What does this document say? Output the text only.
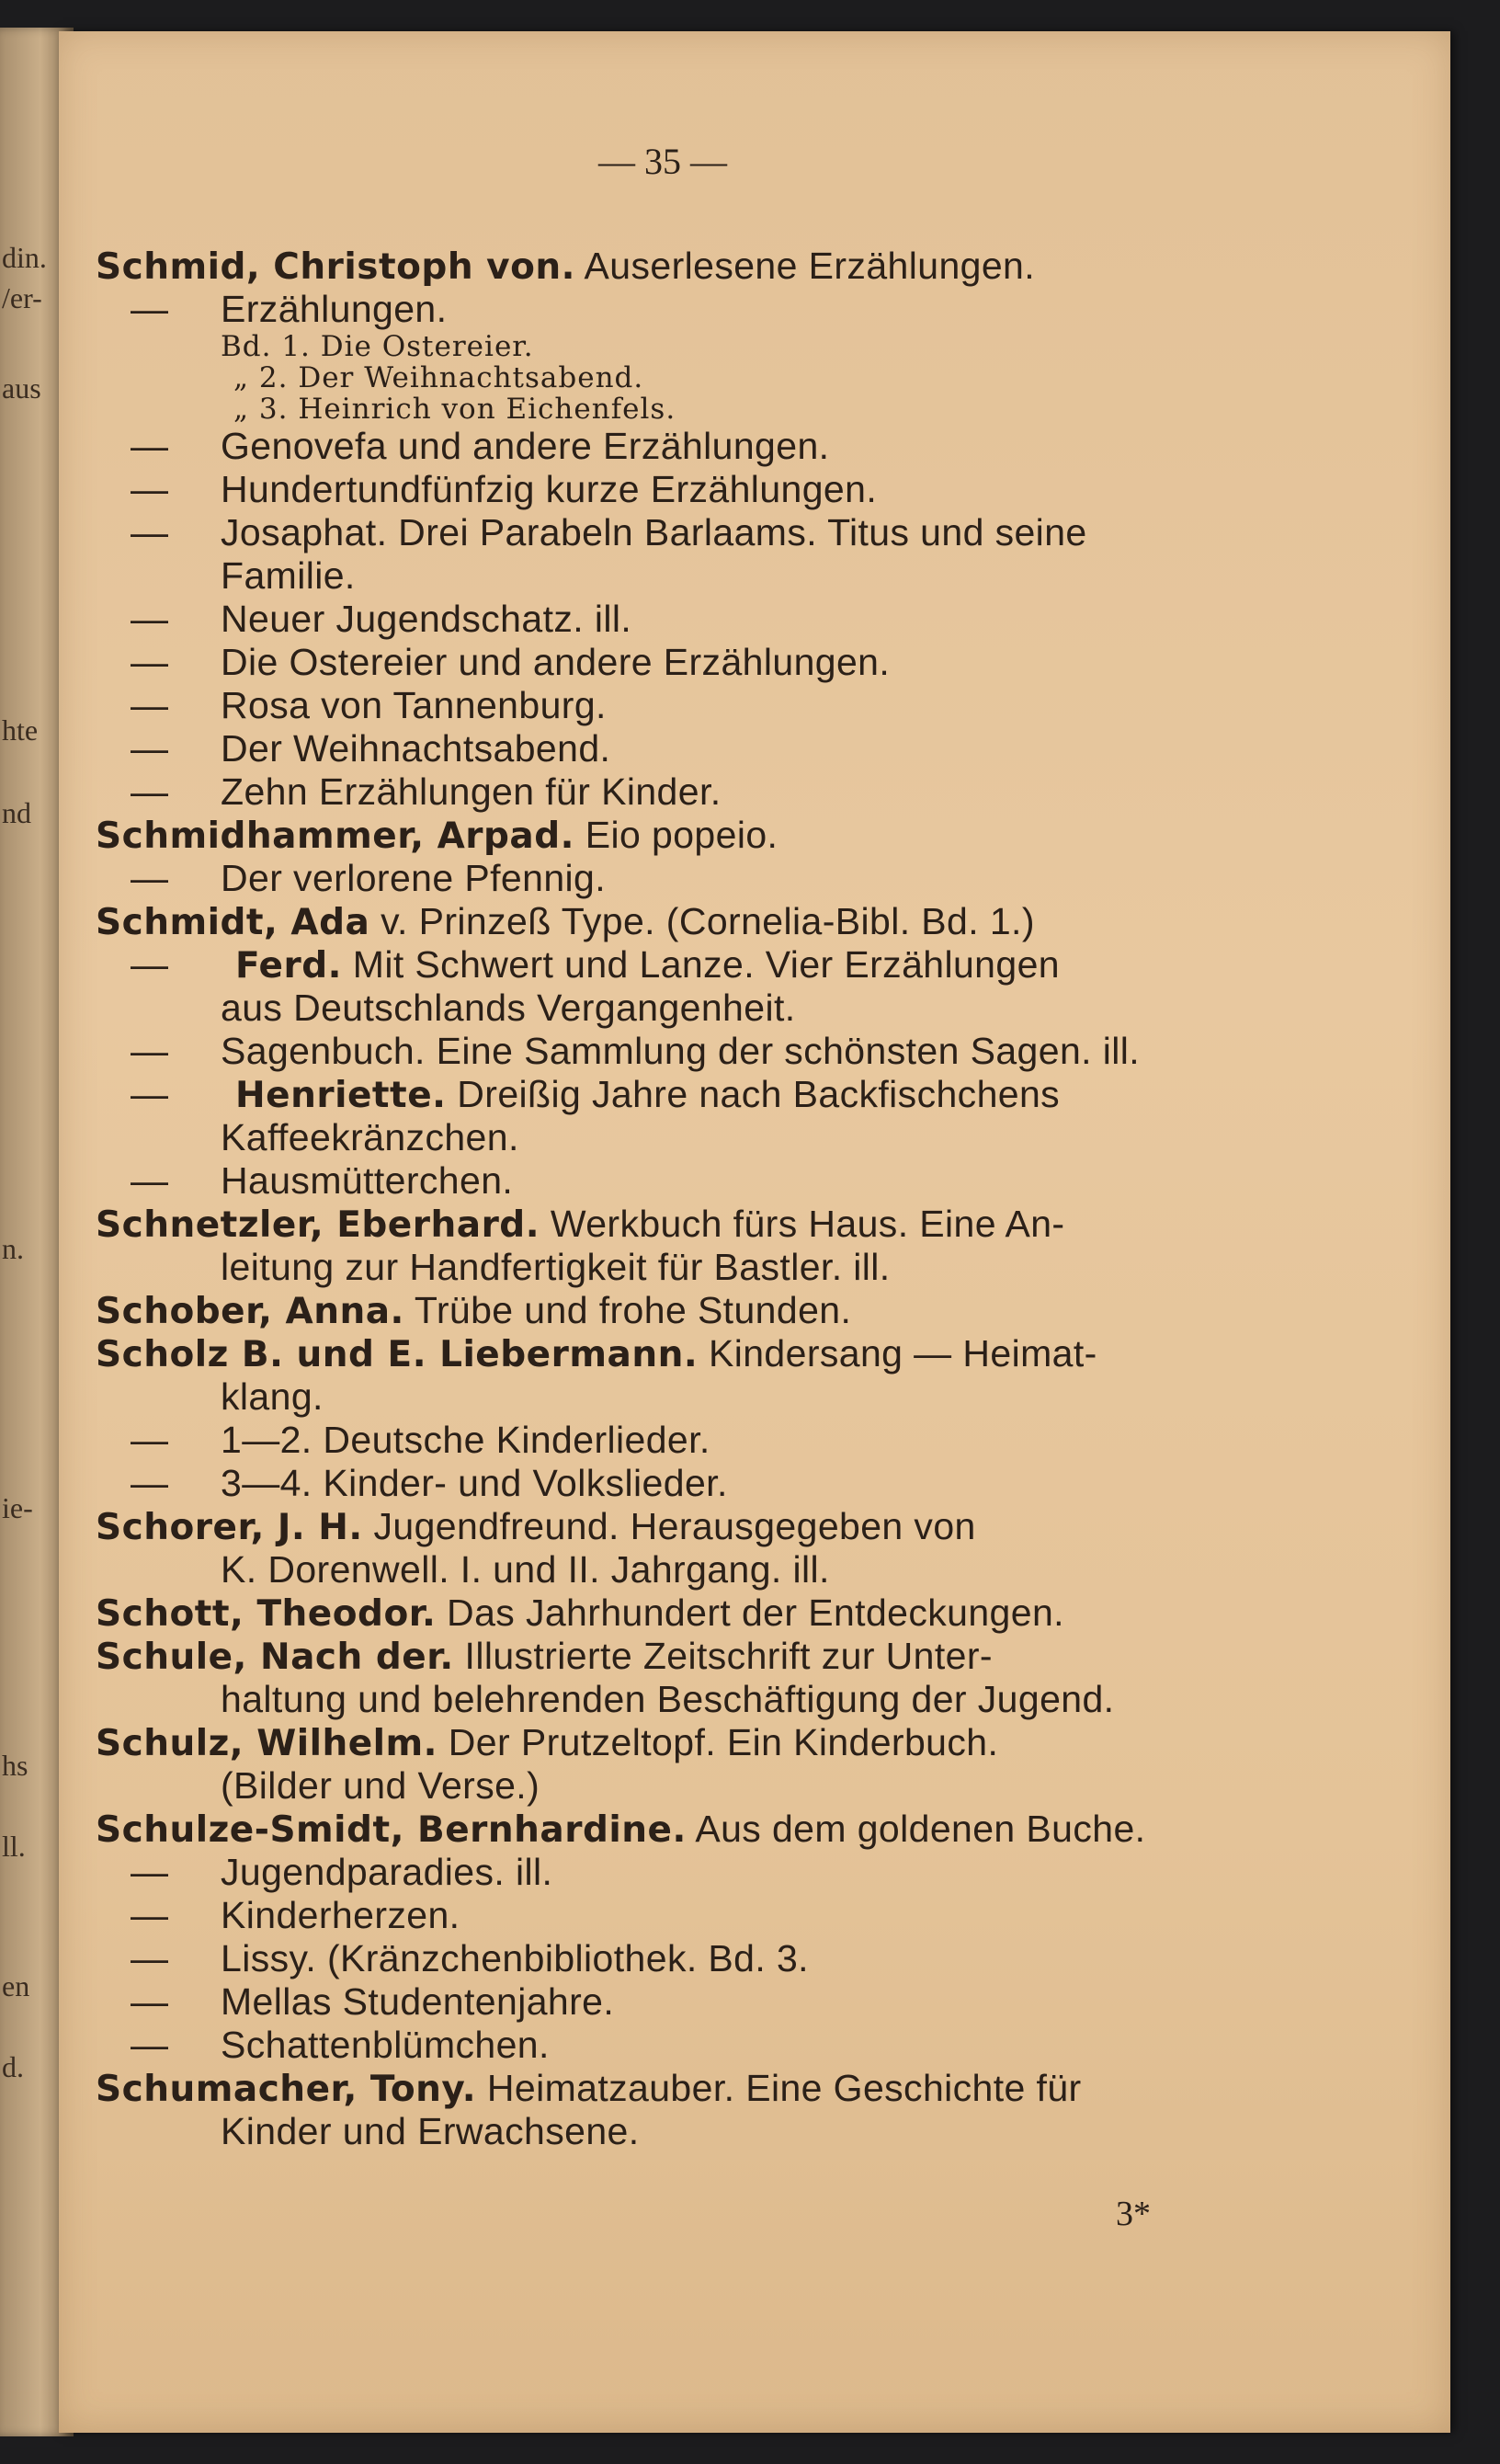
din.
/er-
aus
hte
nd
n.
ie-
hs
ll.
en
d.
— 35 —
Schmid, Christoph von. Auserlesene Erzählungen.
— Erzählungen.
Bd. 1. Die Ostereier.
„ 2. Der Weihnachtsabend.
„ 3. Heinrich von Eichenfels.
— Genovefa und andere Erzählungen.
— Hundertundfünfzig kurze Erzählungen.
— Josaphat. Drei Parabeln Barlaams. Titus und seine
Familie.
— Neuer Jugendschatz. ill.
— Die Ostereier und andere Erzählungen.
— Rosa von Tannenburg.
— Der Weihnachtsabend.
— Zehn Erzählungen für Kinder.
Schmidhammer, Arpad. Eio popeio.
— Der verlorene Pfennig.
Schmidt, Ada v. Prinzeß Type. (Cornelia-Bibl. Bd. 1.)
— Ferd. Mit Schwert und Lanze. Vier Erzählungen
aus Deutschlands Vergangenheit.
— Sagenbuch. Eine Sammlung der schönsten Sagen. ill.
— Henriette. Dreißig Jahre nach Backfischchens
Kaffeekränzchen.
— Hausmütterchen.
Schnetzler, Eberhard. Werkbuch fürs Haus. Eine An-
leitung zur Handfertigkeit für Bastler. ill.
Schober, Anna. Trübe und frohe Stunden.
Scholz B. und E. Liebermann. Kindersang — Heimat-
klang.
— 1—2. Deutsche Kinderlieder.
— 3—4. Kinder- und Volkslieder.
Schorer, J. H. Jugendfreund. Herausgegeben von
K. Dorenwell. I. und II. Jahrgang. ill.
Schott, Theodor. Das Jahrhundert der Entdeckungen.
Schule, Nach der. Illustrierte Zeitschrift zur Unter-
haltung und belehrenden Beschäftigung der Jugend.
Schulz, Wilhelm. Der Prutzeltopf. Ein Kinderbuch.
(Bilder und Verse.)
Schulze-Smidt, Bernhardine. Aus dem goldenen Buche.
— Jugendparadies. ill.
— Kinderherzen.
— Lissy. (Kränzchenbibliothek. Bd. 3.
— Mellas Studentenjahre.
— Schattenblümchen.
Schumacher, Tony. Heimatzauber. Eine Geschichte für
Kinder und Erwachsene.
3*
